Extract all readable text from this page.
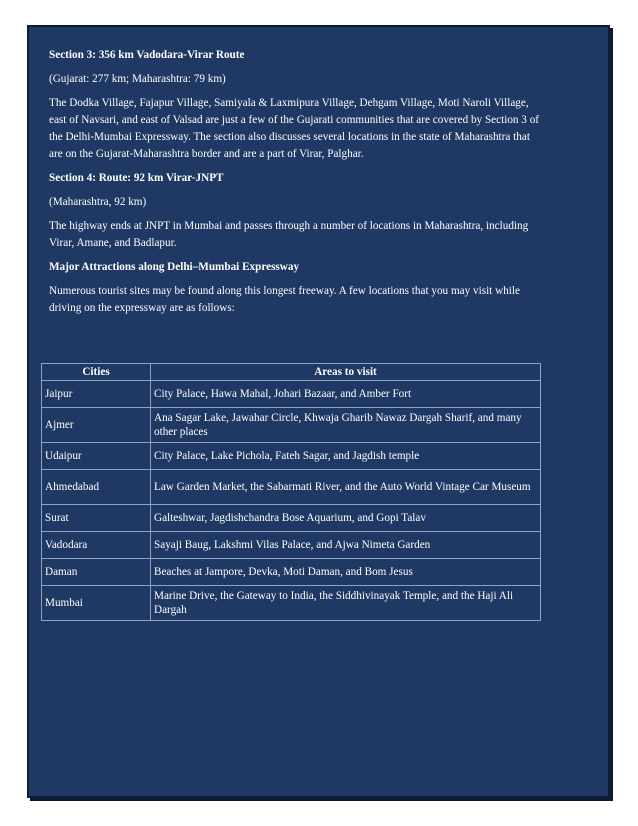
Section 3: 356 km Vadodara-Virar Route

(Gujarat: 277 km; Maharashtra: 79 km)

The Dodka Village, Fajapur Village, Samiyala & Laxmipura Village, Dehgam Village, Moti Naroli Village, east of Navsari, and east of Valsad are just a few of the Gujarati communities that are covered by Section 3 of the Delhi-Mumbai Expressway. The section also discusses several locations in the state of Maharashtra that are on the Gujarat-Maharashtra border and are a part of Virar, Palghar.

Section 4: Route: 92 km Virar-JNPT

(Maharashtra, 92 km)

The highway ends at JNPT in Mumbai and passes through a number of locations in Maharashtra, including Virar, Amane, and Badlapur.

Major Attractions along Delhi–Mumbai Expressway

Numerous tourist sites may be found along this longest freeway. A few locations that you may visit while driving on the expressway are as follows:

Cities	Areas to visit
Jaipur	City Palace, Hawa Mahal, Johari Bazaar, and Amber Fort
Ajmer	Ana Sagar Lake, Jawahar Circle, Khwaja Gharib Nawaz Dargah Sharif, and many other places
Udaipur	City Palace, Lake Pichola, Fateh Sagar, and Jagdish temple
Ahmedabad	Law Garden Market, the Sabarmati River, and the Auto World Vintage Car Museum
Surat	Galteshwar, Jagdishchandra Bose Aquarium, and Gopi Talav
Vadodara	Sayaji Baug, Lakshmi Vilas Palace, and Ajwa Nimeta Garden
Daman	Beaches at Jampore, Devka, Moti Daman, and Bom Jesus
Mumbai	Marine Drive, the Gateway to India, the Siddhivinayak Temple, and the Haji Ali Dargah
